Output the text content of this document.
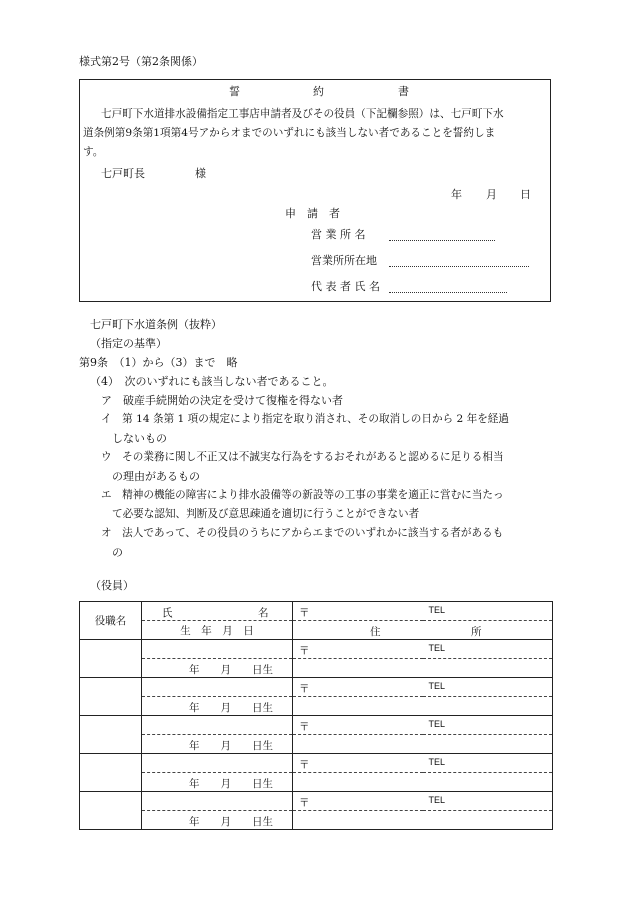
様式第2号（第2条関係）
誓	約	書
七戸町下水道排水設備指定工事店申請者及びその役員（下記欄参照）は、七戸町下水
道条例第9条第1項第4号アからオまでのいずれにも該当しない者であることを誓約しま
す。
七戸町長	様
年 月 日
申　請　者
営 業 所 名
営業所所在地
代 表 者 氏 名
七戸町下水道条例（抜粋）
（指定の基準）
第9条　（1）から（3）まで　略
（4）　次のいずれにも該当しない者であること。
ア　破産手続開始の決定を受けて復権を得ない者
イ　第 14 条第 1 項の規定により指定を取り消され、その取消しの日から 2 年を経過
しないもの
ウ　その業務に関し不正又は不誠実な行為をするおそれがあると認めるに足りる相当
の理由があるもの
エ　精神の機能の障害により排水設備等の新設等の工事の事業を適正に営むに当たっ
て必要な認知、判断及び意思疎通を適切に行うことができない者
オ　法人であって、その役員のうちにアからエまでのいずれかに該当する者があるも
の
（役員）
役職名	氏 名	〒	TEL

	生　年　月　日	住 所	

		〒	TEL

	年　　月　　日生		

		〒	TEL

	年　　月　　日生		

		〒	TEL

	年　　月　　日生		

		〒	TEL

	年　　月　　日生		

		〒	TEL

	年　　月　　日生		
